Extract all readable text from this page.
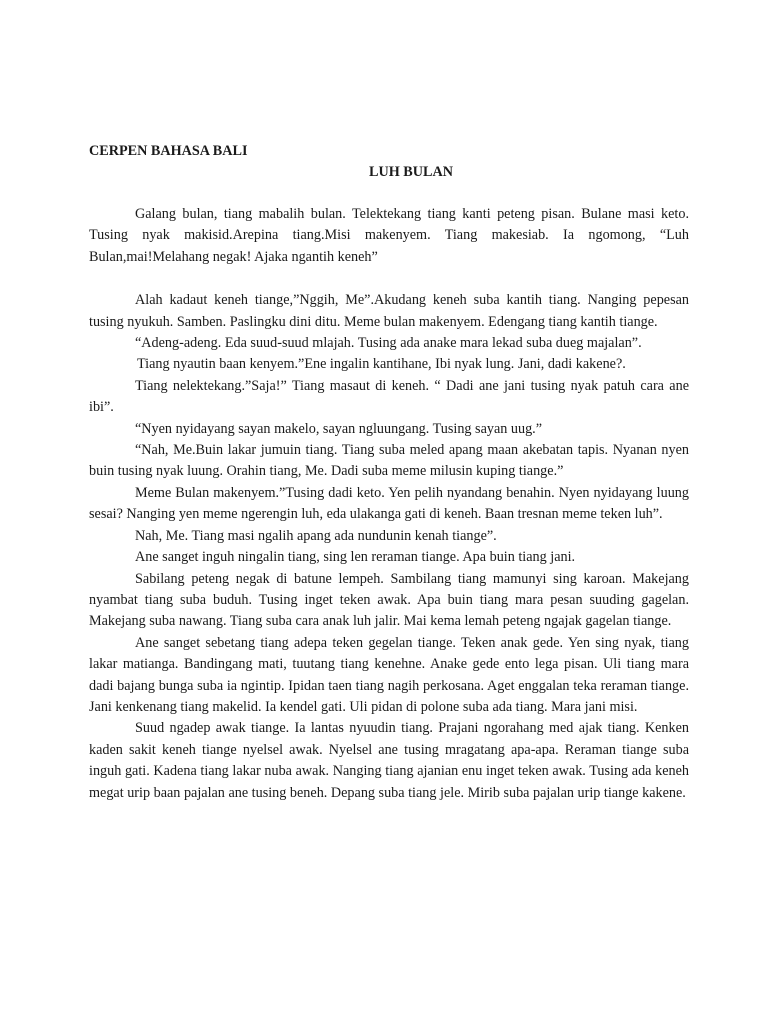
CERPEN BAHASA BALI
LUH BULAN

Galang bulan, tiang mabalih bulan. Telektekang tiang kanti peteng pisan. Bulane masi keto. Tusing nyak makisid.Arepina tiang.Misi makenyem. Tiang makesiab. Ia ngomong, “Luh Bulan,mai!Melahang negak! Ajaka ngantih keneh”

Alah kadaut keneh tiange,”Nggih, Me”.Akudang keneh suba kantih tiang. Nanging pepesan tusing nyukuh. Samben. Paslingku dini ditu. Meme bulan makenyem. Edengang tiang kantih tiange.

“Adeng-adeng. Eda suud-suud mlajah. Tusing ada anake mara lekad suba dueg majalan”.

Tiang nyautin baan kenyem.”Ene ingalin kantihane, Ibi nyak lung. Jani, dadi kakene?.

Tiang nelektekang.”Saja!” Tiang masaut di keneh. “ Dadi ane jani tusing nyak patuh cara ane ibi”.

“Nyen nyidayang sayan makelo, sayan ngluungang. Tusing sayan uug.”

“Nah, Me.Buin lakar jumuin tiang. Tiang suba meled apang maan akebatan tapis. Nyanan nyen buin tusing nyak luung. Orahin tiang, Me. Dadi suba meme milusin kuping tiange.”

Meme Bulan makenyem.”Tusing dadi keto. Yen pelih nyandang benahin. Nyen nyidayang luung sesai? Nanging yen meme ngerengin luh, eda ulakanga gati di keneh. Baan tresnan meme teken luh”.

Nah, Me. Tiang masi ngalih apang ada nundunin kenah tiange”.

Ane sanget inguh ningalin tiang, sing len reraman tiange. Apa buin tiang jani.

Sabilang peteng negak di batune lempeh. Sambilang tiang mamunyi sing karoan. Makejang nyambat tiang suba buduh. Tusing inget teken awak. Apa buin tiang mara pesan suuding gagelan. Makejang suba nawang. Tiang suba cara anak luh jalir. Mai kema lemah peteng ngajak gagelan tiange.

Ane sanget sebetang tiang adepa teken gegelan tiange. Teken anak gede. Yen sing nyak, tiang lakar matianga. Bandingang mati, tuutang tiang kenehne. Anake gede ento lega pisan. Uli tiang mara dadi bajang bunga suba ia ngintip. Ipidan taen tiang nagih perkosana. Aget enggalan teka reraman tiange. Jani kenkenang tiang makelid. Ia kendel gati. Uli pidan di polone suba ada tiang. Mara jani misi.

Suud ngadep awak tiange. Ia lantas nyuudin tiang. Prajani ngorahang med ajak tiang. Kenken kaden sakit keneh tiange nyelsel awak. Nyelsel ane tusing mragatang apa-apa. Reraman tiange suba inguh gati. Kadena tiang lakar nuba awak. Nanging tiang ajanian enu inget teken awak. Tusing ada keneh megat urip baan pajalan ane tusing beneh. Depang suba tiang jele. Mirib suba pajalan urip tiange kakene.
